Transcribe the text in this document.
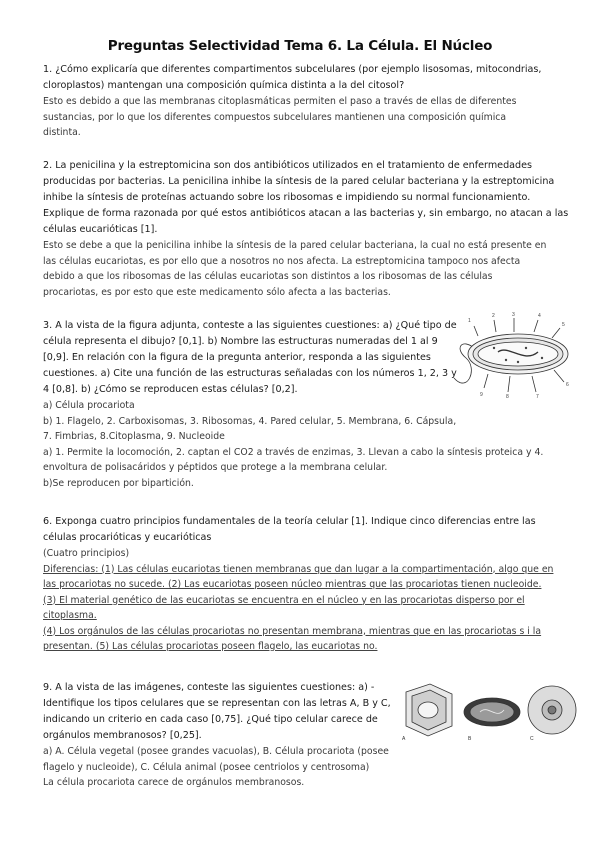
Preguntas Selectividad Tema 6. La Célula. El Núcleo
1. ¿Cómo explicaría que diferentes compartimentos subcelulares (por ejemplo lisosomas, mitocondrias,
cloroplastos) mantengan una composición química distinta a la del citosol?
Esto es debido a que las membranas citoplasmáticas permiten el paso a través de ellas de diferentes
sustancias, por lo que los diferentes compuestos subcelulares mantienen una composición química
distinta.
2. La penicilina y la estreptomicina son dos antibióticos utilizados en el tratamiento de enfermedades
producidas por bacterias. La penicilina inhibe la síntesis de la pared celular bacteriana y la estreptomicina
inhibe la síntesis de proteínas actuando sobre los ribosomas e impidiendo su normal funcionamiento.
Explique de forma razonada por qué estos antibióticos atacan a las bacterias y, sin embargo, no atacan a las
células eucarióticas [1].
Esto se debe a que la penicilina inhibe la síntesis de la pared celular bacteriana, la cual no está presente en
las células eucariotas, es por ello que a nosotros no nos afecta. La estreptomicina tampoco nos afecta
debido a que los ribosomas de las células eucariotas son distintos a los ribosomas de las células
procariotas, es por esto que este medicamento sólo afecta a las bacterias.
3. A la vista de la figura adjunta, conteste a las siguientes cuestiones: a) ¿Qué tipo de
célula representa el dibujo? [0,1]. b) Nombre las estructuras numeradas del 1 al 9
[0,9]. En relación con la figura de la pregunta anterior, responda a las siguientes
cuestiones. a) Cite una función de las estructuras señaladas con los números 1, 2, 3 y
4 [0,8]. b) ¿Cómo se reproducen estas células? [0,2].
a) Célula procariota
b) 1. Flagelo, 2. Carboxisomas, 3. Ribosomas, 4. Pared celular, 5. Membrana, 6. Cápsula,
7. Fimbrias, 8.Citoplasma, 9. Nucleoide
a) 1. Permite la locomoción, 2. captan el CO2 a través de enzimas, 3. Llevan a cabo la síntesis proteica y 4.
envoltura de polisacáridos y péptidos que protege a la membrana celular.
b)Se reproducen por bipartición.
1
2	3	4
5
6
7
8
9
6. Exponga cuatro principios fundamentales de la teoría celular [1]. Indique cinco diferencias entre las
células procarióticas y eucarióticas
(Cuatro principios)
Diferencias: (1) Las células eucariotas tienen membranas que dan lugar a la compartimentación, algo que en
las procariotas no sucede. (2) Las eucariotas poseen núcleo mientras que las procariotas tienen nucleoide.
(3) El material genético de las eucariotas se encuentra en el núcleo y en las procariotas disperso por el
citoplasma.
(4) Los orgánulos de las células procariotas no presentan membrana, mientras que en las procariotas s i la
presentan. (5) Las células procariotas poseen flagelo, las eucariotas no.
9. A la vista de las imágenes, conteste las siguientes cuestiones: a) -
Identifique los tipos celulares que se representan con las letras A, B y C,
indicando un criterio en cada caso [0,75]. ¿Qué tipo celular carece de
orgánulos membranosos? [0,25].
a) A. Célula vegetal (posee grandes vacuolas), B. Célula procariota (posee
flagelo y nucleoide), C. Célula animal (posee centriolos y centrosoma)
La célula procariota carece de orgánulos membranosos.
A	B	C
